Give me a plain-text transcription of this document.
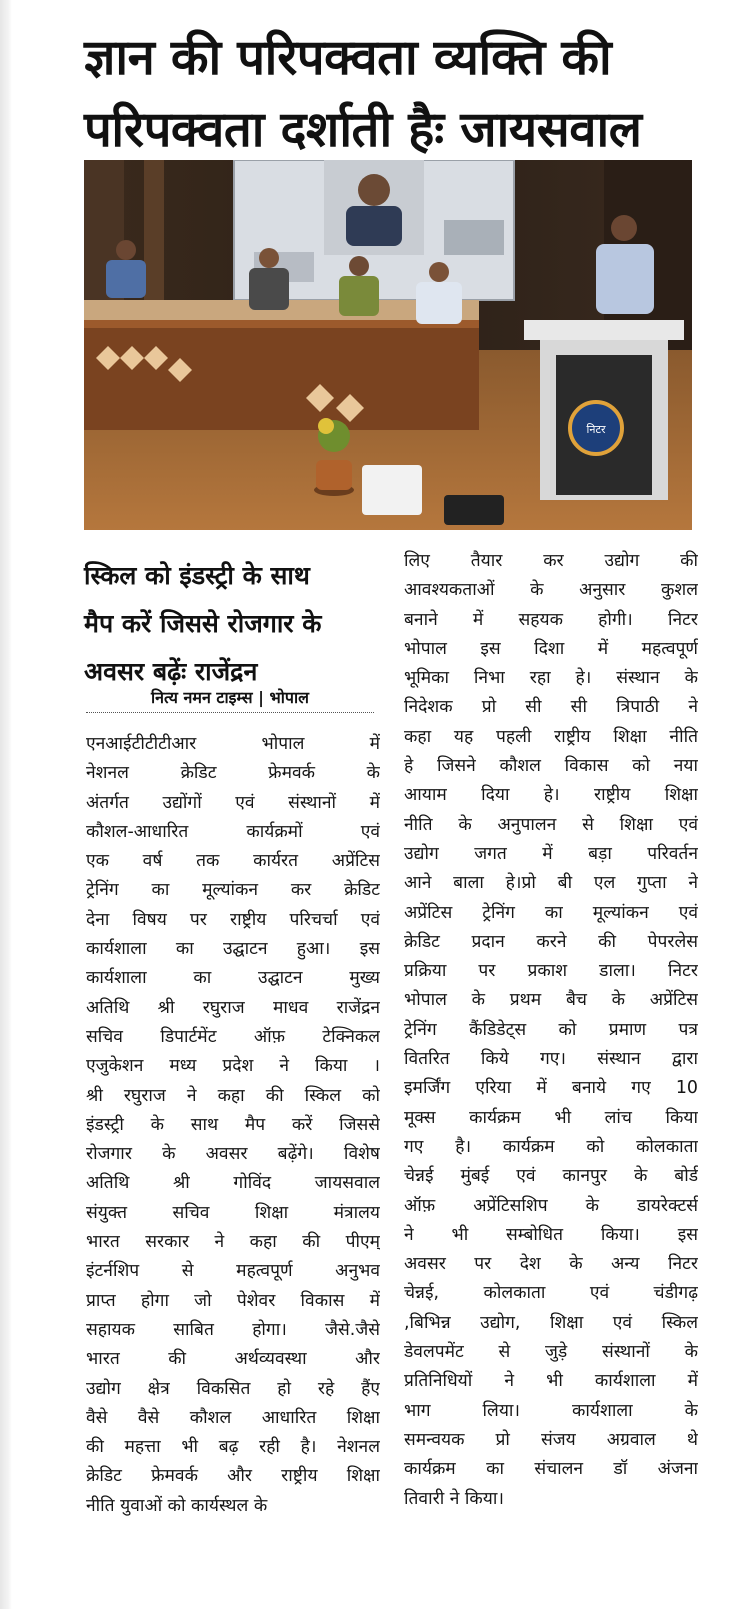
ज्ञान की परिपक्वता व्यक्ति की
परिपक्वता दर्शाती हैः जायसवाल
निटर
स्किल को इंडस्ट्री के साथ
मैप करें जिससे रोजगार के
अवसर बढ़ेंः राजेंद्रन
नित्य नमन टाइम्स | भोपाल
एनआईटीटीटीआर भोपाल में
नेशनल क्रेडिट फ्रेमवर्क के
अंतर्गत उद्योंगों एवं संस्थानों में
कौशल-आधारित कार्यक्रमों एवं
एक वर्ष तक कार्यरत अप्रेंटिस
ट्रेनिंग का मूल्यांकन कर क्रेडिट
देना विषय पर राष्ट्रीय परिचर्चा एवं
कार्यशाला का उद्घाटन हुआ। इस
कार्यशाला का उद्घाटन मुख्य
अतिथि श्री रघुराज माधव राजेंद्रन
सचिव डिपार्टमेंट ऑफ़ टेक्निकल
एजुकेशन मध्य प्रदेश ने किया ।
श्री रघुराज ने कहा की स्किल को
इंडस्ट्री के साथ मैप करें जिससे
रोजगार के अवसर बढ़ेंगे। विशेष
अतिथि श्री गोविंद जायसवाल
संयुक्त सचिव शिक्षा मंत्रालय
भारत सरकार ने कहा की पीएम्
इंटर्नशिप से महत्वपूर्ण अनुभव
प्राप्त होगा जो पेशेवर विकास में
सहायक साबित होगा। जैसे.जैसे
भारत की अर्थव्यवस्था और
उद्योग क्षेत्र विकसित हो रहे हैंए
वैसे वैसे कौशल आधारित शिक्षा
की महत्ता भी बढ़ रही है। नेशनल
क्रेडिट फ्रेमवर्क और राष्ट्रीय शिक्षा
नीति युवाओं को कार्यस्थल के
लिए तैयार कर उद्योग की
आवश्यकताओं के अनुसार कुशल
बनाने में सहयक होगी। निटर
भोपाल इस दिशा में महत्वपूर्ण
भूमिका निभा रहा हे। संस्थान के
निदेशक प्रो सी सी त्रिपाठी ने
कहा यह पहली राष्ट्रीय शिक्षा नीति
हे जिसने कौशल विकास को नया
आयाम दिया हे। राष्ट्रीय शिक्षा
नीति के अनुपालन से शिक्षा एवं
उद्योग जगत में बड़ा परिवर्तन
आने बाला हे।प्रो बी एल गुप्ता ने
अप्रेंटिस ट्रेनिंग का मूल्यांकन एवं
क्रेडिट प्रदान करने की पेपरलेस
प्रक्रिया पर प्रकाश डाला। निटर
भोपाल के प्रथम बैच के अप्रेंटिस
ट्रेनिंग कैंडिडेट्स को प्रमाण पत्र
वितरित किये गए। संस्थान द्वारा
इमर्जिंग एरिया में बनाये गए 10
मूक्स कार्यक्रम भी लांच किया
गए है। कार्यक्रम को कोलकाता
चेन्नई मुंबई एवं कानपुर के बोर्ड
ऑफ़ अप्रेंटिसशिप के डायरेक्टर्स
ने भी सम्बोधित किया। इस
अवसर पर देश के अन्य निटर
चेन्नई, कोलकाता एवं चंडीगढ़
,बिभिन्न उद्योग, शिक्षा एवं स्किल
डेवलपमेंट से जुड़े संस्थानों के
प्रतिनिधियों ने भी कार्यशाला में
भाग लिया। कार्यशाला के
समन्वयक प्रो संजय अग्रवाल थे
कार्यक्रम का संचालन डॉ अंजना
तिवारी ने किया।
